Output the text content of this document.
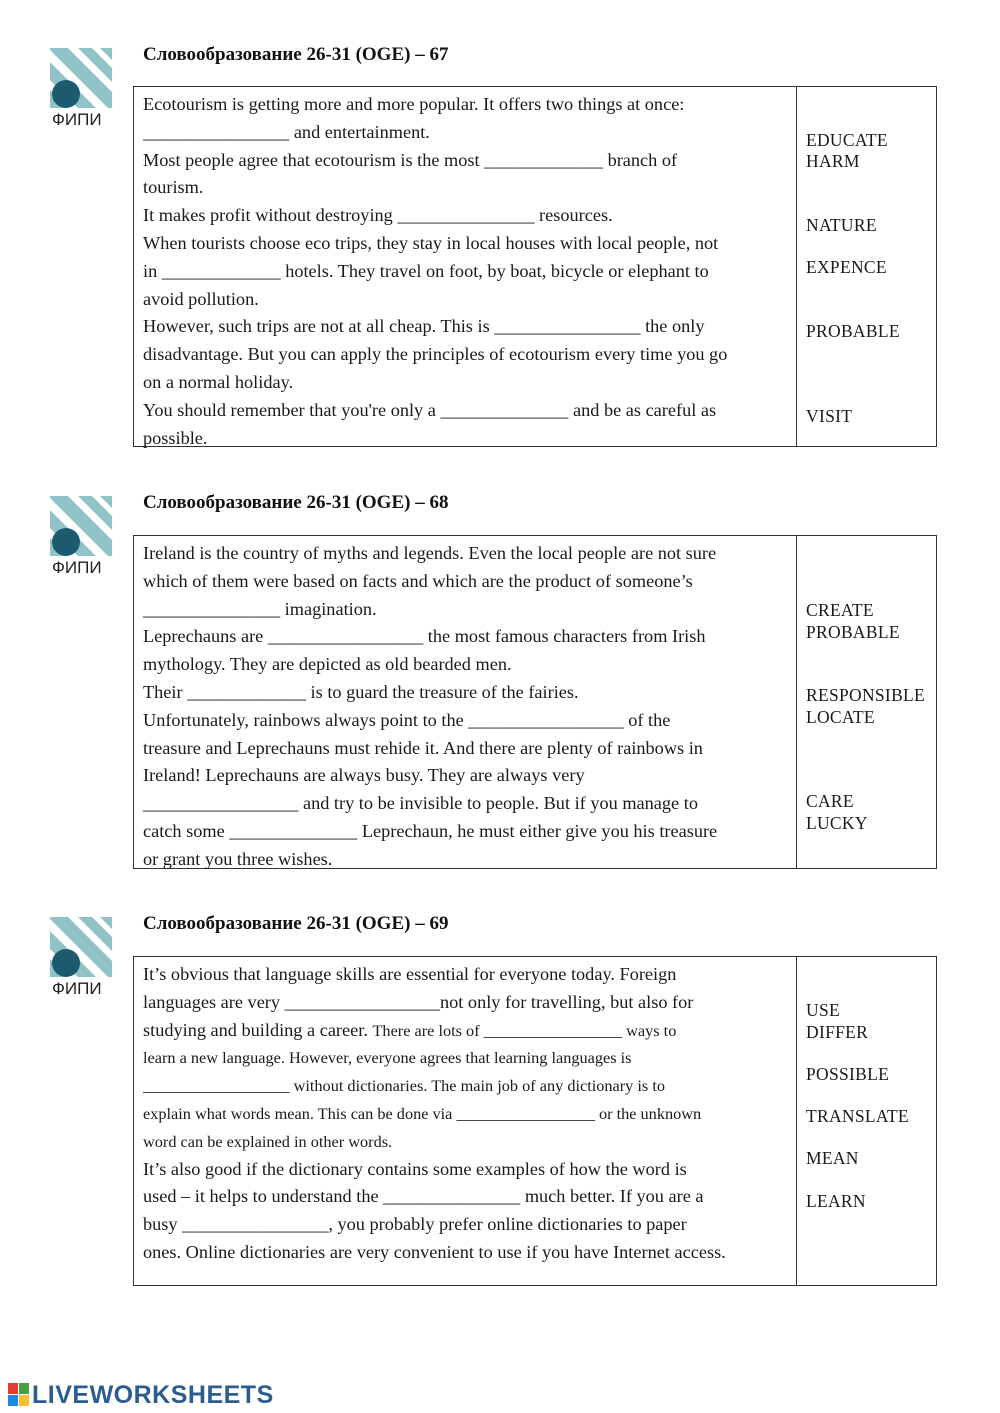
ФИПИ
Словообразование 26-31 (OGE) – 67
Ecotourism is getting more and more popular. It offers two things at once:
________________ and entertainment.
Most people agree that ecotourism is the most _____________ branch of
tourism.
It makes profit without destroying _______________ resources.
When tourists choose eco trips, they stay in local houses with local people, not
in _____________ hotels. They travel on foot, by boat, bicycle or elephant to
avoid pollution.
However, such trips are not at all cheap. This is ________________ the only
disadvantage. But you can apply the principles of ecotourism every time you go
on a normal holiday.
You should remember that you're only a ______________ and be as careful as
possible.
EDUCATE
HARM
NATURE
EXPENCE
PROBABLE
VISIT
ФИПИ
Словообразование 26-31 (OGE) – 68
Ireland is the country of myths and legends. Even the local people are not sure
which of them were based on facts and which are the product of someone’s
_______________ imagination.
Leprechauns are _________________ the most famous characters from Irish
mythology. They are depicted as old bearded men.
Their _____________ is to guard the treasure of the fairies.
Unfortunately, rainbows always point to the _________________ of the
treasure and Leprechauns must rehide it. And there are plenty of rainbows in
Ireland! Leprechauns are always busy. They are always very
_________________ and try to be invisible to people. But if you manage to
catch some ______________ Leprechaun, he must either give you his treasure
or grant you three wishes.
CREATE
PROBABLE
RESPONSIBLE
LOCATE
CARE
LUCKY
ФИПИ
Словообразование 26-31 (OGE) – 69
It’s obvious that language skills are essential for everyone today. Foreign
languages are very _________________not only for travelling, but also for
studying and building a career. There are lots of _________________ ways to
learn a new language. However, everyone agrees that learning languages is
__________________ without dictionaries. The main job of any dictionary is to
explain what words mean. This can be done via _________________ or the unknown
word can be explained in other words.
It’s also good if the dictionary contains some examples of how the word is
used – it helps to understand the _______________ much better. If you are a
busy ________________, you probably prefer online dictionaries to paper
ones. Online dictionaries are very convenient to use if you have Internet access.
USE
DIFFER
POSSIBLE
TRANSLATE
MEAN
LEARN
LIVEWORKSHEETS
